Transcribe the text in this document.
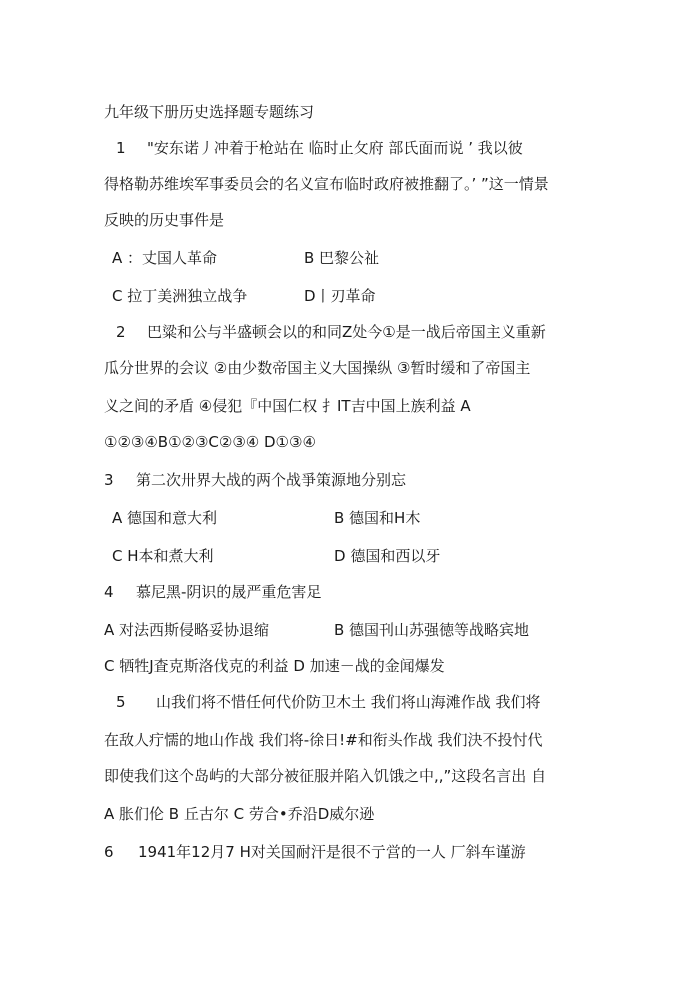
九年级下册历史选择题专题练习
1 "安东诺丿冲着于枪站在 临时止攵府 部氏面而说 ’ 我以彼
得格勒苏维埃军事委员会的名义宣布临时政府被推翻了。’ ”这一情景
反映的历史事件是
A ：丈国人革命	B 巴黎公祉
C 拉丁美洲独立战争	D丨刃革命
2 巴粱和公与半盛顿会以的和同Z处今①是一战后帝国主义重新
瓜分世界的会议 ②由少数帝国主义大国操纵 ③暂时缓和了帝国主
义之间的矛盾 ④侵犯『中国仁权 扌IT吉中国上族利益 A
①②③④B①②③C②③④ D①③④
3 第二次卅界大战的两个战爭策源地分别忘
A 德国和意大利	B 德国和H木
C H本和煮大利	D 德国和西以牙
4 慕尼黑-阴识的晟严重危害足
A 对法西斯侵略妥协退缩	B 德国刊山苏强徳等战略宾地
C 牺牲J査克斯洛伐克的利益 D 加速－战的金闻爆发
5 山我们将不惜任何代价防卫木土 我们将山海滩作战 我们将
在敌人疔懦的地山作战 我们将-徐日!#和衔头作战 我们決不投忖代
即使我们这个岛屿的大部分被征服并陷入饥饿之中,,”这段名言出 自
A 胀们伦 B 丘古尔 C 劳合•乔沿D威尔逊
6 1941年12月7 H对关国耐汗是很不亍営的一人 厂斜车谨游
